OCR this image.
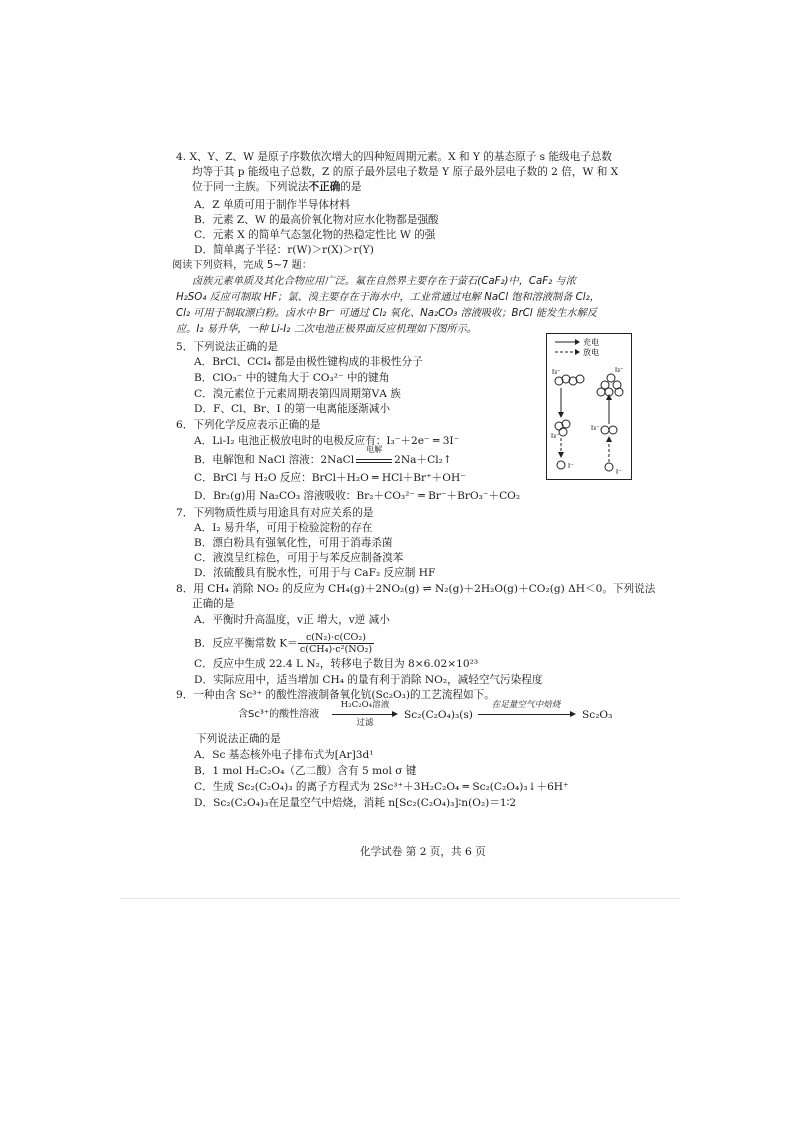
4. X、Y、Z、W 是原子序数依次增大的四种短周期元素。X 和 Y 的基态原子 s 能级电子总数
均等于其 p 能级电子总数，Z 的原子最外层电子数是 Y 原子最外层电子数的 2 倍，W 和 X
位于同一主族。下列说法不正确的是
A．Z 单质可用于制作半导体材料
B．元素 Z、W 的最高价氧化物对应水化物都是强酸
C．元素 X 的简单气态氢化物的热稳定性比 W 的强
D．简单离子半径：r(W)＞r(X)＞r(Y)
阅读下列资料，完成 5~7 题：
卤族元素单质及其化合物应用广泛。氟在自然界主要存在于萤石(CaF₂)中，CaF₂ 与浓
H₂SO₄ 反应可制取 HF；氯、溴主要存在于海水中，工业常通过电解 NaCl 饱和溶液制备 Cl₂，
Cl₂ 可用于制取漂白粉。卤水中 Br⁻ 可通过 Cl₂ 氧化、Na₂CO₃ 溶液吸收；BrCl 能发生水解反
应。I₂ 易升华，一种 Li-I₂ 二次电池正极界面反应机理如下图所示。
5．下列说法正确的是
A．BrCl、CCl₄ 都是由极性键构成的非极性分子
B．ClO₃⁻ 中的键角大于 CO₃²⁻ 中的键角
C．溴元素位于元素周期表第四周期第ⅤA 族
D．F、Cl、Br、I 的第一电离能逐渐减小
6．下列化学反应表示正确的是
A．Li-I₂ 电池正极放电时的电极反应有：I₃⁻＋2e⁻ ═ 3I⁻
B．电解饱和 NaCl 溶液：2NaCl
电解
2Na＋Cl₂↑
C．BrCl 与 H₂O 反应：BrCl＋H₂O ═ HCl＋Br⁺＋OH⁻
D．Br₂(g)用 Na₂CO₃ 溶液吸收：Br₂＋CO₃²⁻ ═ Br⁻＋BrO₃⁻＋CO₂
充电
放电
I₃⁻	I₃⁻
I₃⁻
I₃⁻
I⁻
I⁻
7．下列物质性质与用途具有对应关系的是
A．I₂ 易升华，可用于检验淀粉的存在
B．漂白粉具有强氧化性，可用于消毒杀菌
C．液溴呈红棕色，可用于与苯反应制备溴苯
D．浓硫酸具有脱水性，可用于与 CaF₂ 反应制 HF
8．用 CH₄ 消除 NO₂ 的反应为 CH₄(g)＋2NO₂(g) ⇌ N₂(g)＋2H₂O(g)＋CO₂(g) ΔH＜0。下列说法
正确的是
A．平衡时升高温度，v正 增大，v逆 减小
B．反应平衡常数 $K= \frac{\text{c(N₂)·c(CO₂)}}{\text{c(CH₄)·c²(NO₂)}}$
C．反应中生成 22.4 L N₂，转移电子数目为 8×6.02×10²³
D．实际应用中，适当增加 CH₄ 的量有利于消除 NO₂，减轻空气污染程度
9．一种由含 Sc³⁺ 的酸性溶液制备氧化钪(Sc₂O₃)的工艺流程如下。
含Sc³⁺的酸性溶液
H₂C₂O₄溶液
过滤
Sc₂(C₂O₄)₃(s)
在足量空气中焙烧
Sc₂O₃
下列说法正确的是
A．Sc 基态核外电子排布式为[Ar]3d¹
B．1 mol H₂C₂O₄（乙二酸）含有 5 mol σ 键
C．生成 Sc₂(C₂O₄)₃ 的离子方程式为 2Sc³⁺＋3H₂C₂O₄ ═ Sc₂(C₂O₄)₃↓＋6H⁺
D．Sc₂(C₂O₄)₃在足量空气中焙烧，消耗 n[Sc₂(C₂O₄)₃]∶n(O₂)＝1∶2
化学试卷 第 2 页，共 6 页
